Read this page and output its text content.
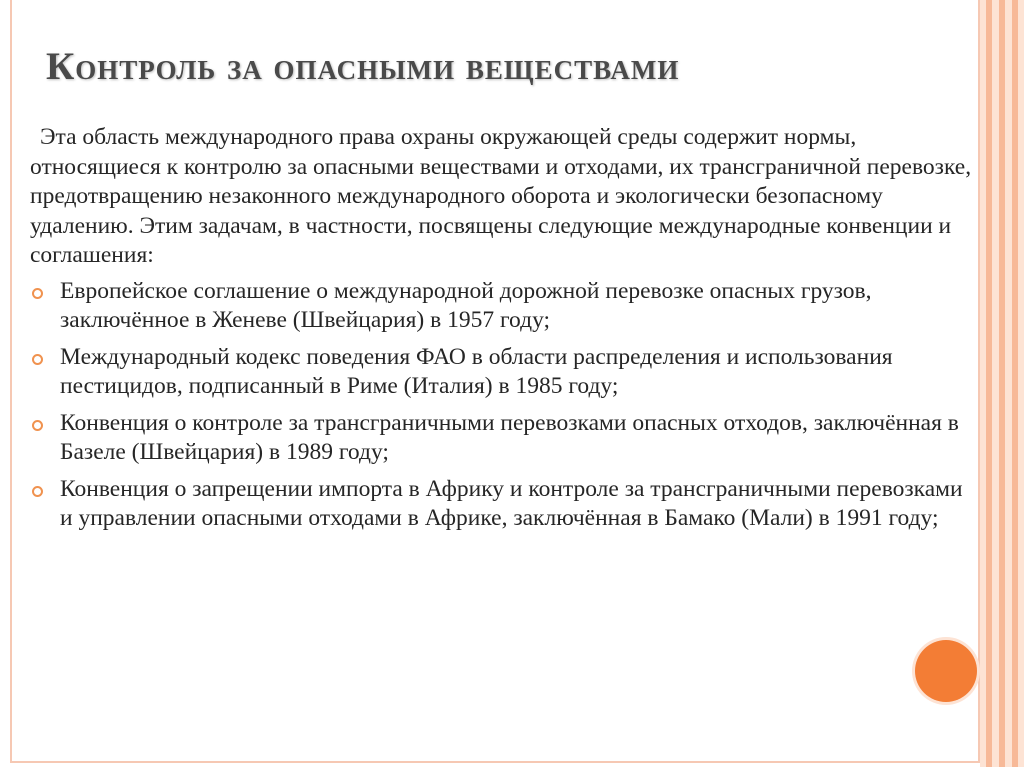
Контроль за опасными веществами

Эта область международного права охраны окружающей среды содержит нормы, относящиеся к контролю за опасными веществами и отходами, их трансграничной перевозке, предотвращению незаконного международного оборота и экологически безопасному удалению. Этим задачам, в частности, посвящены следующие международные конвенции и соглашения:

Европейское соглашение о международной дорожной перевозке опасных грузов, заключённое в Женеве (Швейцария) в 1957 году;
Международный кодекс поведения ФАО в области распределения и использования пестицидов, подписанный в Риме (Италия) в 1985 году;
Конвенция о контроле за трансграничными перевозками опасных отходов, заключённая в Базеле (Швейцария) в 1989 году;
Конвенция о запрещении импорта в Африку и контроле за трансграничными перевозками и управлении опасными отходами в Африке, заключённая в Бамако (Мали) в 1991 году;
